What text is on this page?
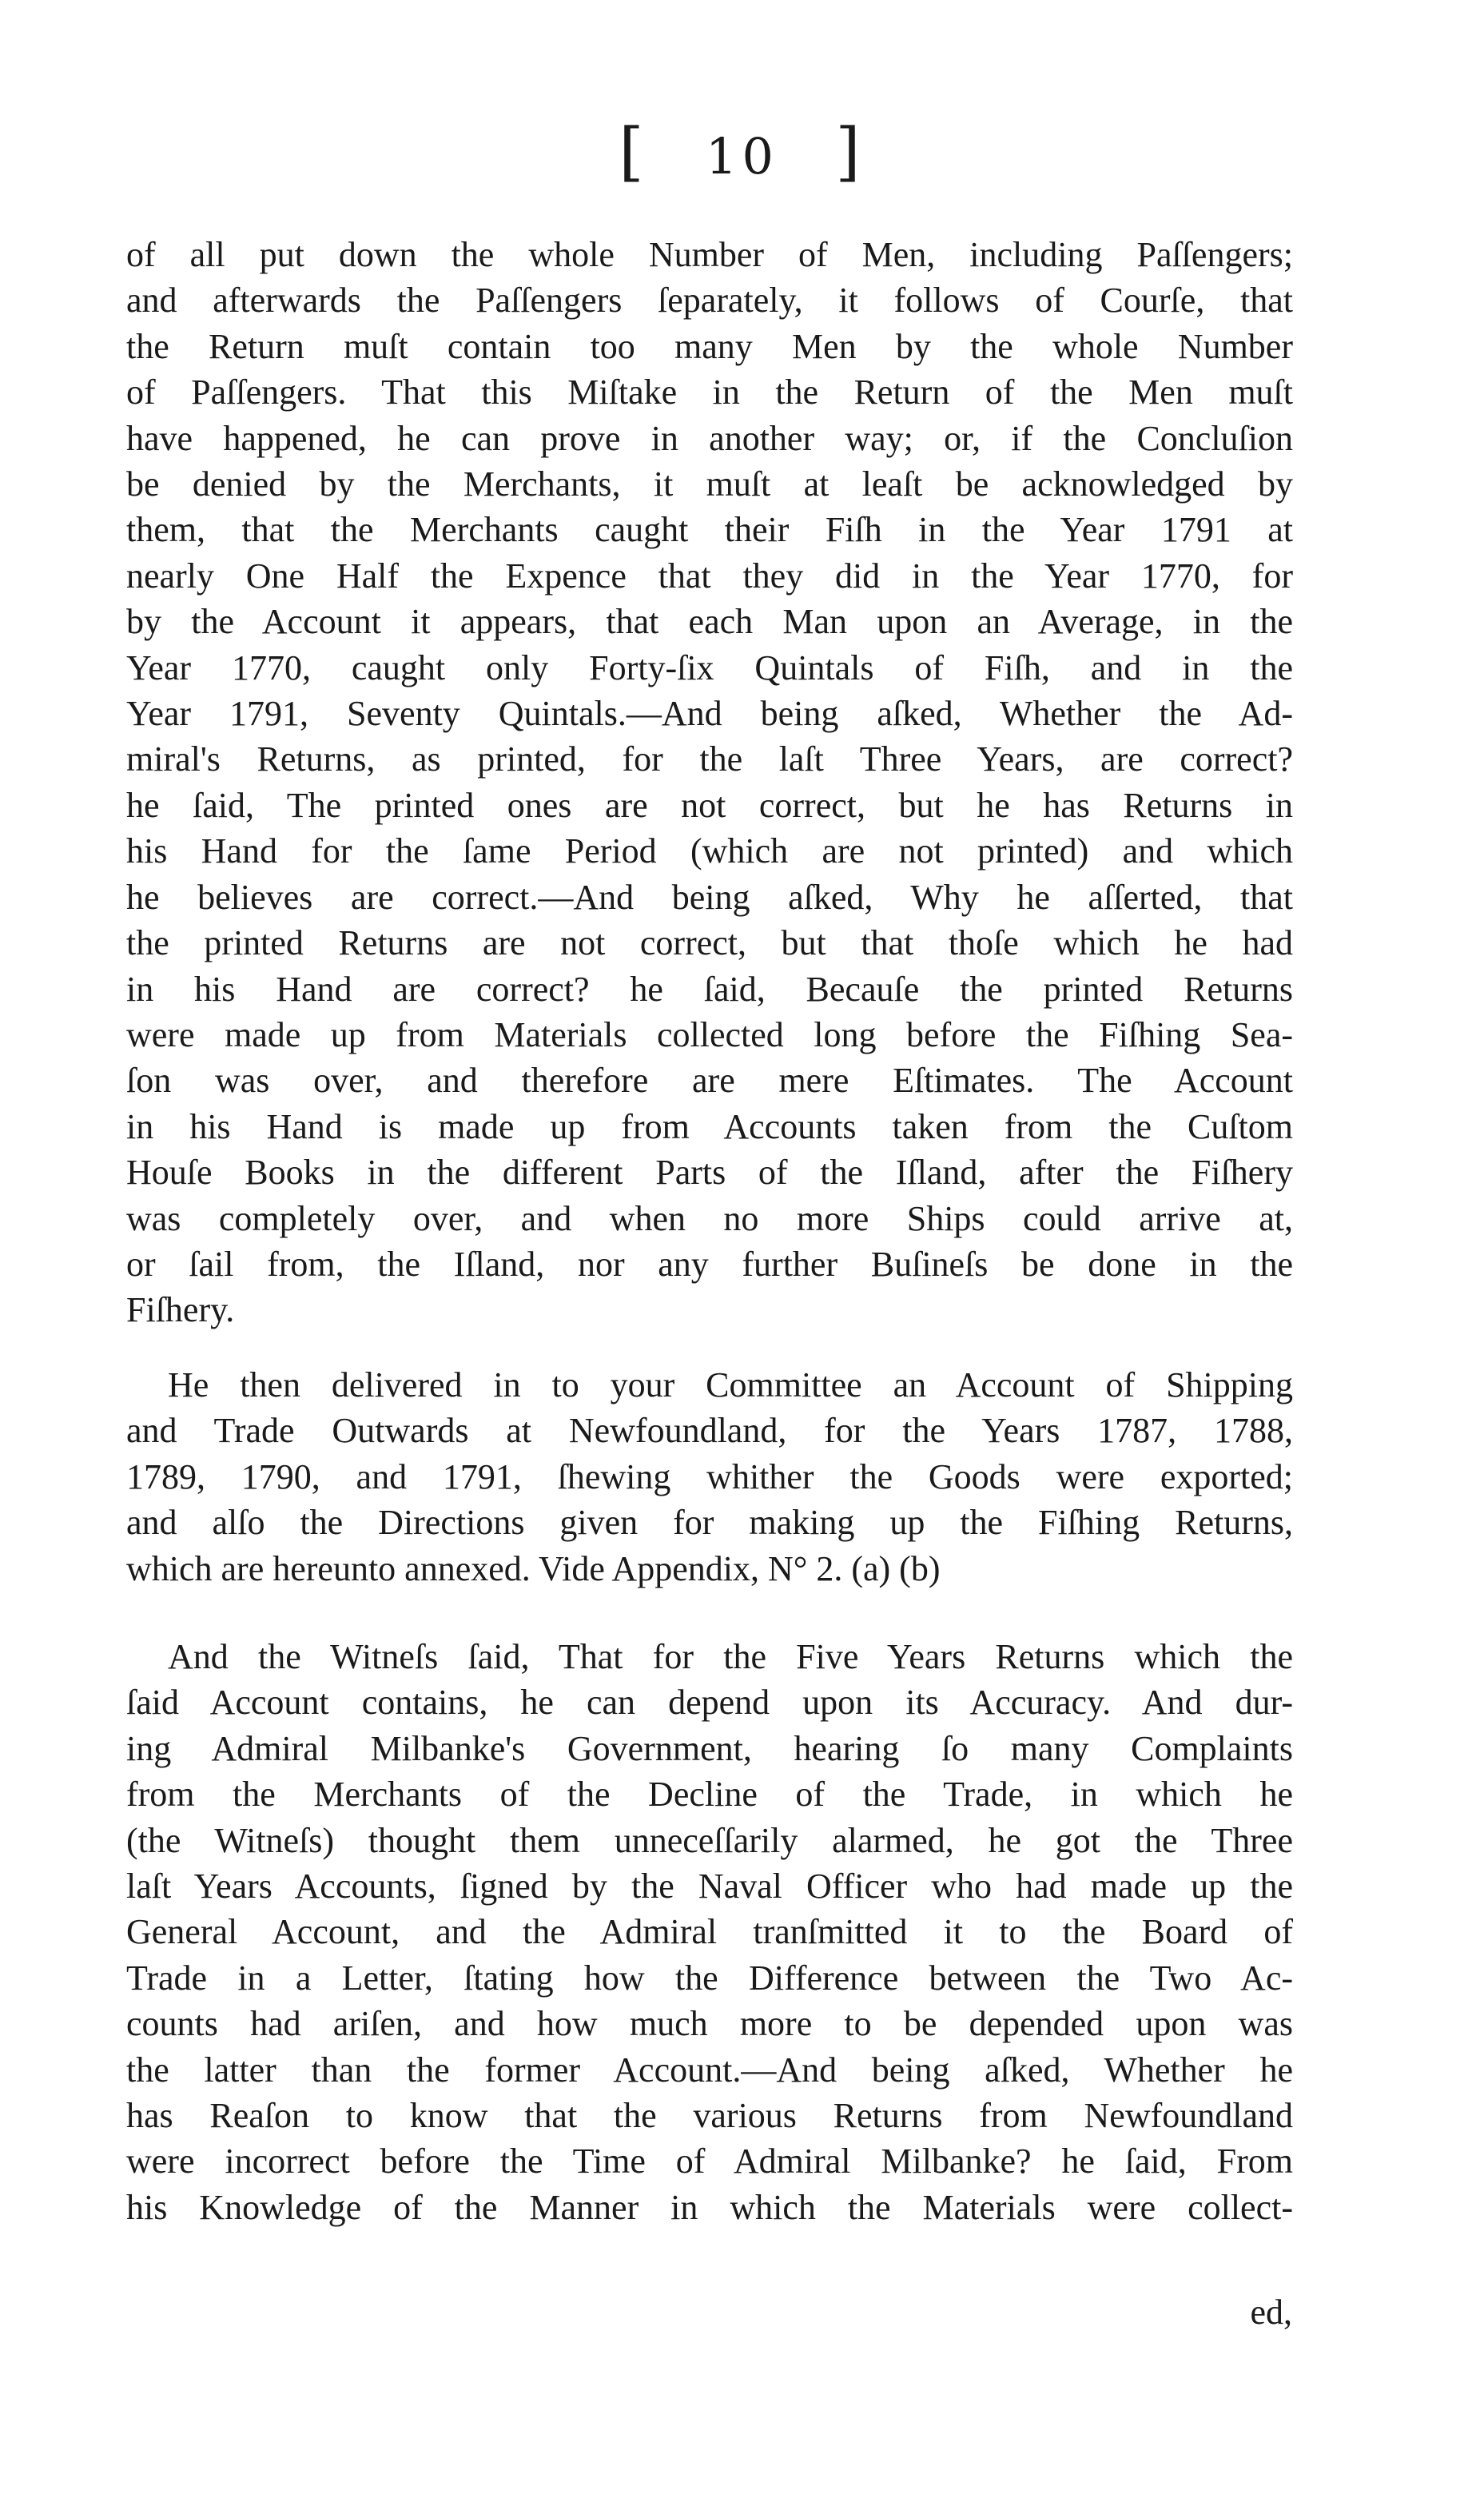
[ 10 ]
of all put down the whole Number of Men, including Paſſengers;
and afterwards the Paſſengers ſeparately, it follows of Courſe, that
the Return muſt contain too many Men by the whole Number
of Paſſengers. That this Miſtake in the Return of the Men muſt
have happened, he can prove in another way; or, if the Concluſion
be denied by the Merchants, it muſt at leaſt be acknowledged by
them, that the Merchants caught their Fiſh in the Year 1791 at
nearly One Half the Expence that they did in the Year 1770, for
by the Account it appears, that each Man upon an Average, in the
Year 1770, caught only Forty-ſix Quintals of Fiſh, and in the
Year 1791, Seventy Quintals.—And being aſked, Whether the Ad-
miral's Returns, as printed, for the laſt Three Years, are correct?
he ſaid, The printed ones are not correct, but he has Returns in
his Hand for the ſame Period (which are not printed) and which
he believes are correct.—And being aſked, Why he aſſerted, that
the printed Returns are not correct, but that thoſe which he had
in his Hand are correct? he ſaid, Becauſe the printed Returns
were made up from Materials collected long before the Fiſhing Sea-
ſon was over, and therefore are mere Eſtimates. The Account
in his Hand is made up from Accounts taken from the Cuſtom
Houſe Books in the different Parts of the Iſland, after the Fiſhery
was completely over, and when no more Ships could arrive at,
or ſail from, the Iſland, nor any further Buſineſs be done in the
Fiſhery.
He then delivered in to your Committee an Account of Shipping
and Trade Outwards at Newfoundland, for the Years 1787, 1788,
1789, 1790, and 1791, ſhewing whither the Goods were exported;
and alſo the Directions given for making up the Fiſhing Returns,
which are hereunto annexed. Vide Appendix, N° 2. (a) (b)
And the Witneſs ſaid, That for the Five Years Returns which the
ſaid Account contains, he can depend upon its Accuracy. And dur-
ing Admiral Milbanke's Government, hearing ſo many Complaints
from the Merchants of the Decline of the Trade, in which he
(the Witneſs) thought them unneceſſarily alarmed, he got the Three
laſt Years Accounts, ſigned by the Naval Officer who had made up the
General Account, and the Admiral tranſmitted it to the Board of
Trade in a Letter, ſtating how the Difference between the Two Ac-
counts had ariſen, and how much more to be depended upon was
the latter than the former Account.—And being aſked, Whether he
has Reaſon to know that the various Returns from Newfoundland
were incorrect before the Time of Admiral Milbanke? he ſaid, From
his Knowledge of the Manner in which the Materials were collect-
ed,
